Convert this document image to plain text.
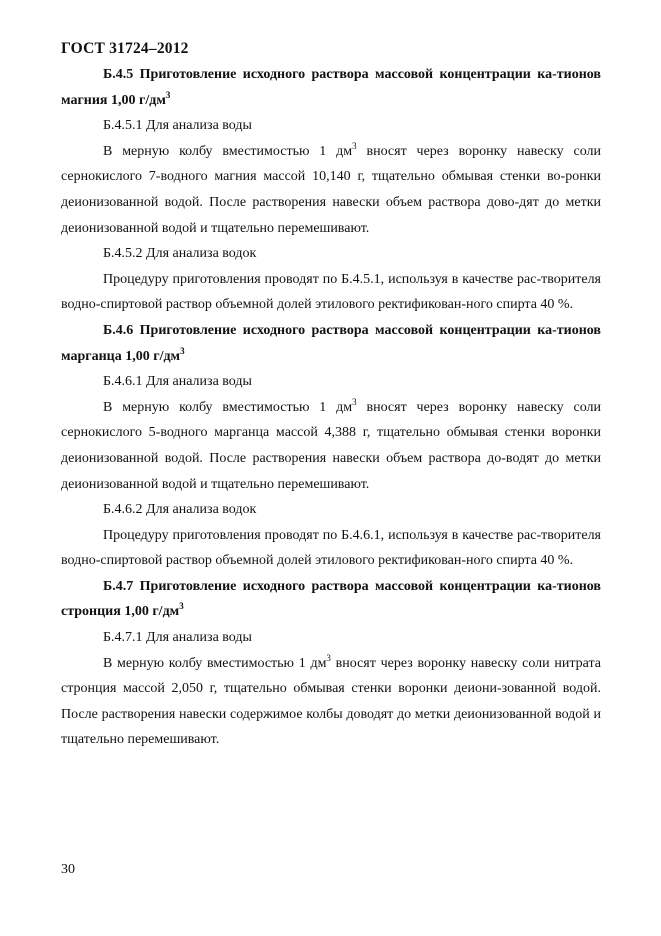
ГОСТ 31724–2012

Б.4.5 Приготовление исходного раствора массовой концентрации ка-тионов магния 1,00 $г/дм^3$

Б.4.5.1 Для анализа воды

В мерную колбу вместимостью 1 $дм^3$ вносят через воронку навеску соли сернокислого 7-водного магния массой 10,140 г, тщательно обмывая стенки во-ронки деионизованной водой. После растворения навески объем раствора дово-дят до метки деионизованной водой и тщательно перемешивают.

Б.4.5.2 Для анализа водок

Процедуру приготовления проводят по Б.4.5.1, используя в качестве рас-творителя водно-спиртовой раствор объемной долей этилового ректификован-ного спирта 40 %.

Б.4.6 Приготовление исходного раствора массовой концентрации ка-тионов марганца 1,00 $г/дм^3$

Б.4.6.1 Для анализа воды

В мерную колбу вместимостью 1 $дм^3$ вносят через воронку навеску соли сернокислого 5-водного марганца массой 4,388 г, тщательно обмывая стенки воронки деионизованной водой. После растворения навески объем раствора до-водят до метки деионизованной водой и тщательно перемешивают.

Б.4.6.2 Для анализа водок

Процедуру приготовления проводят по Б.4.6.1, используя в качестве рас-творителя водно-спиртовой раствор объемной долей этилового ректификован-ного спирта 40 %.

Б.4.7 Приготовление исходного раствора массовой концентрации ка-тионов стронция 1,00 $г/дм^3$

Б.4.7.1 Для анализа воды

В мерную колбу вместимостью 1 $дм^3$ вносят через воронку навеску соли нитрата стронция массой 2,050 г, тщательно обмывая стенки воронки деиони-зованной водой. После растворения навески содержимое колбы доводят до метки деионизованной водой и тщательно перемешивают.

30
